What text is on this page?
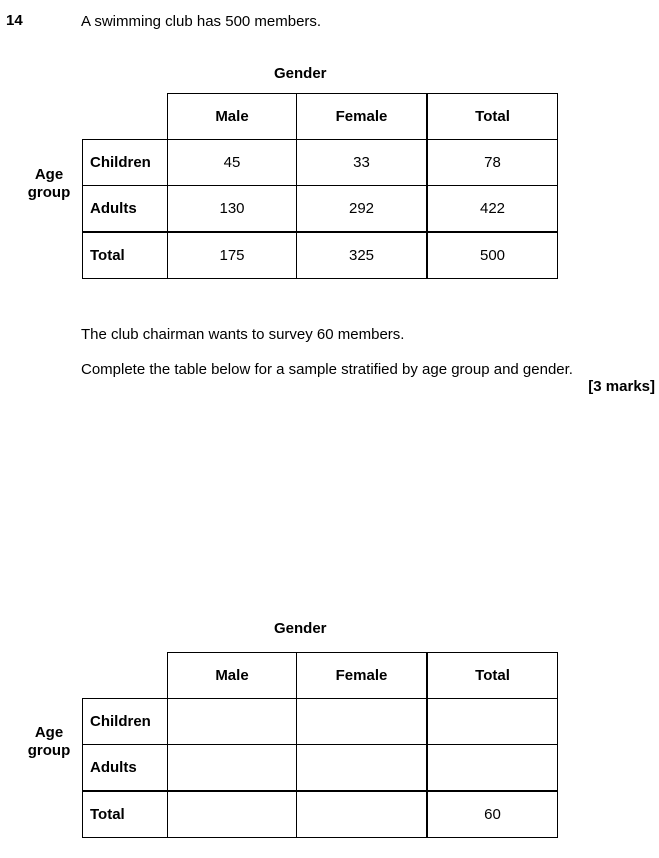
14	A swimming club has 500 members.
Gender
Age
group
	Male	Female	Total
Children	45	33	78
Adults	130	292	422
Total	175	325	500
The club chairman wants to survey 60 members.
Complete the table below for a sample stratified by age group and gender.
[3 marks]
Gender
Age
group
	Male	Female	Total
Children			
Adults			
Total			60
